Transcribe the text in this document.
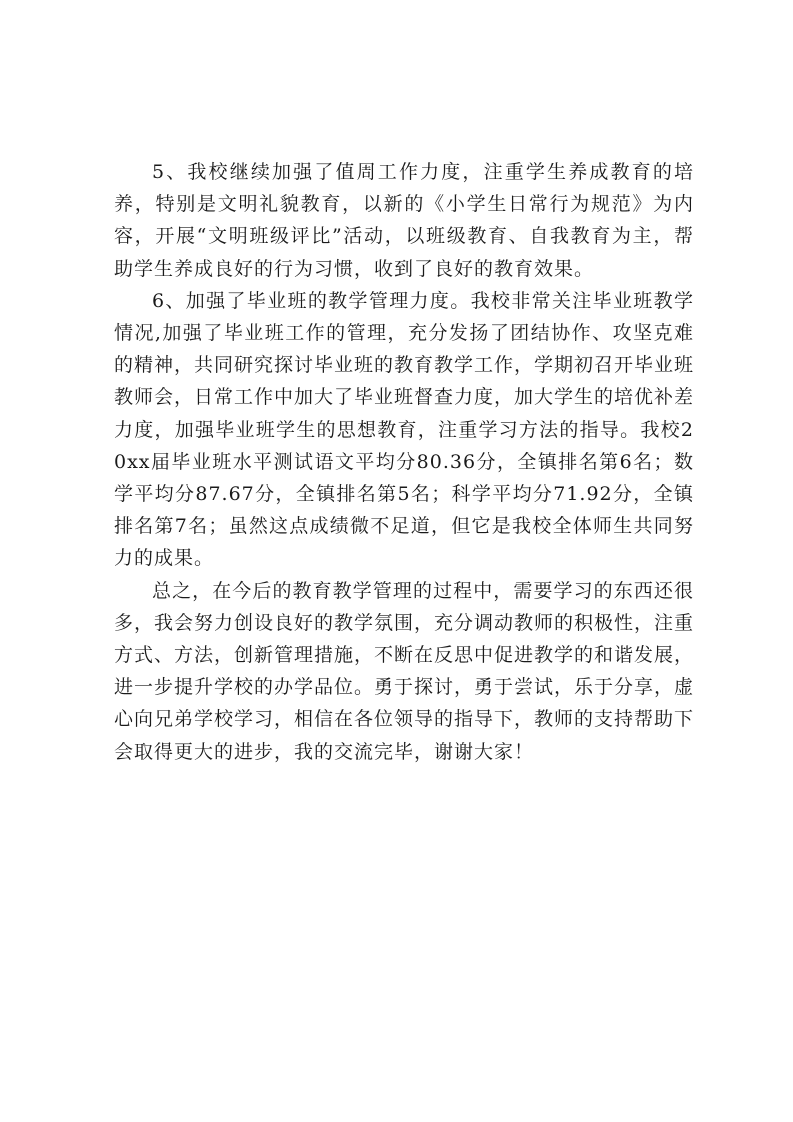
5、我校继续加强了值周工作力度，注重学生养成教育的培养，特别是文明礼貌教育，以新的《小学生日常行为规范》为内容，开展“文明班级评比”活动，以班级教育、自我教育为主，帮助学生养成良好的行为习惯，收到了良好的教育效果。

6、加强了毕业班的教学管理力度。我校非常关注毕业班教学情况,加强了毕业班工作的管理，充分发扬了团结协作、攻坚克难的精神，共同研究探讨毕业班的教育教学工作，学期初召开毕业班教师会，日常工作中加大了毕业班督查力度，加大学生的培优补差力度，加强毕业班学生的思想教育，注重学习方法的指导。我校20xx届毕业班水平测试语文平均分80.36分，全镇排名第6名；数学平均分87.67分，全镇排名第5名；科学平均分71.92分，全镇排名第7名；虽然这点成绩微不足道，但它是我校全体师生共同努力的成果。

总之，在今后的教育教学管理的过程中，需要学习的东西还很多，我会努力创设良好的教学氛围，充分调动教师的积极性，注重方式、方法，创新管理措施，不断在反思中促进教学的和谐发展，进一步提升学校的办学品位。勇于探讨，勇于尝试，乐于分享，虚心向兄弟学校学习，相信在各位领导的指导下，教师的支持帮助下会取得更大的进步，我的交流完毕，谢谢大家！
